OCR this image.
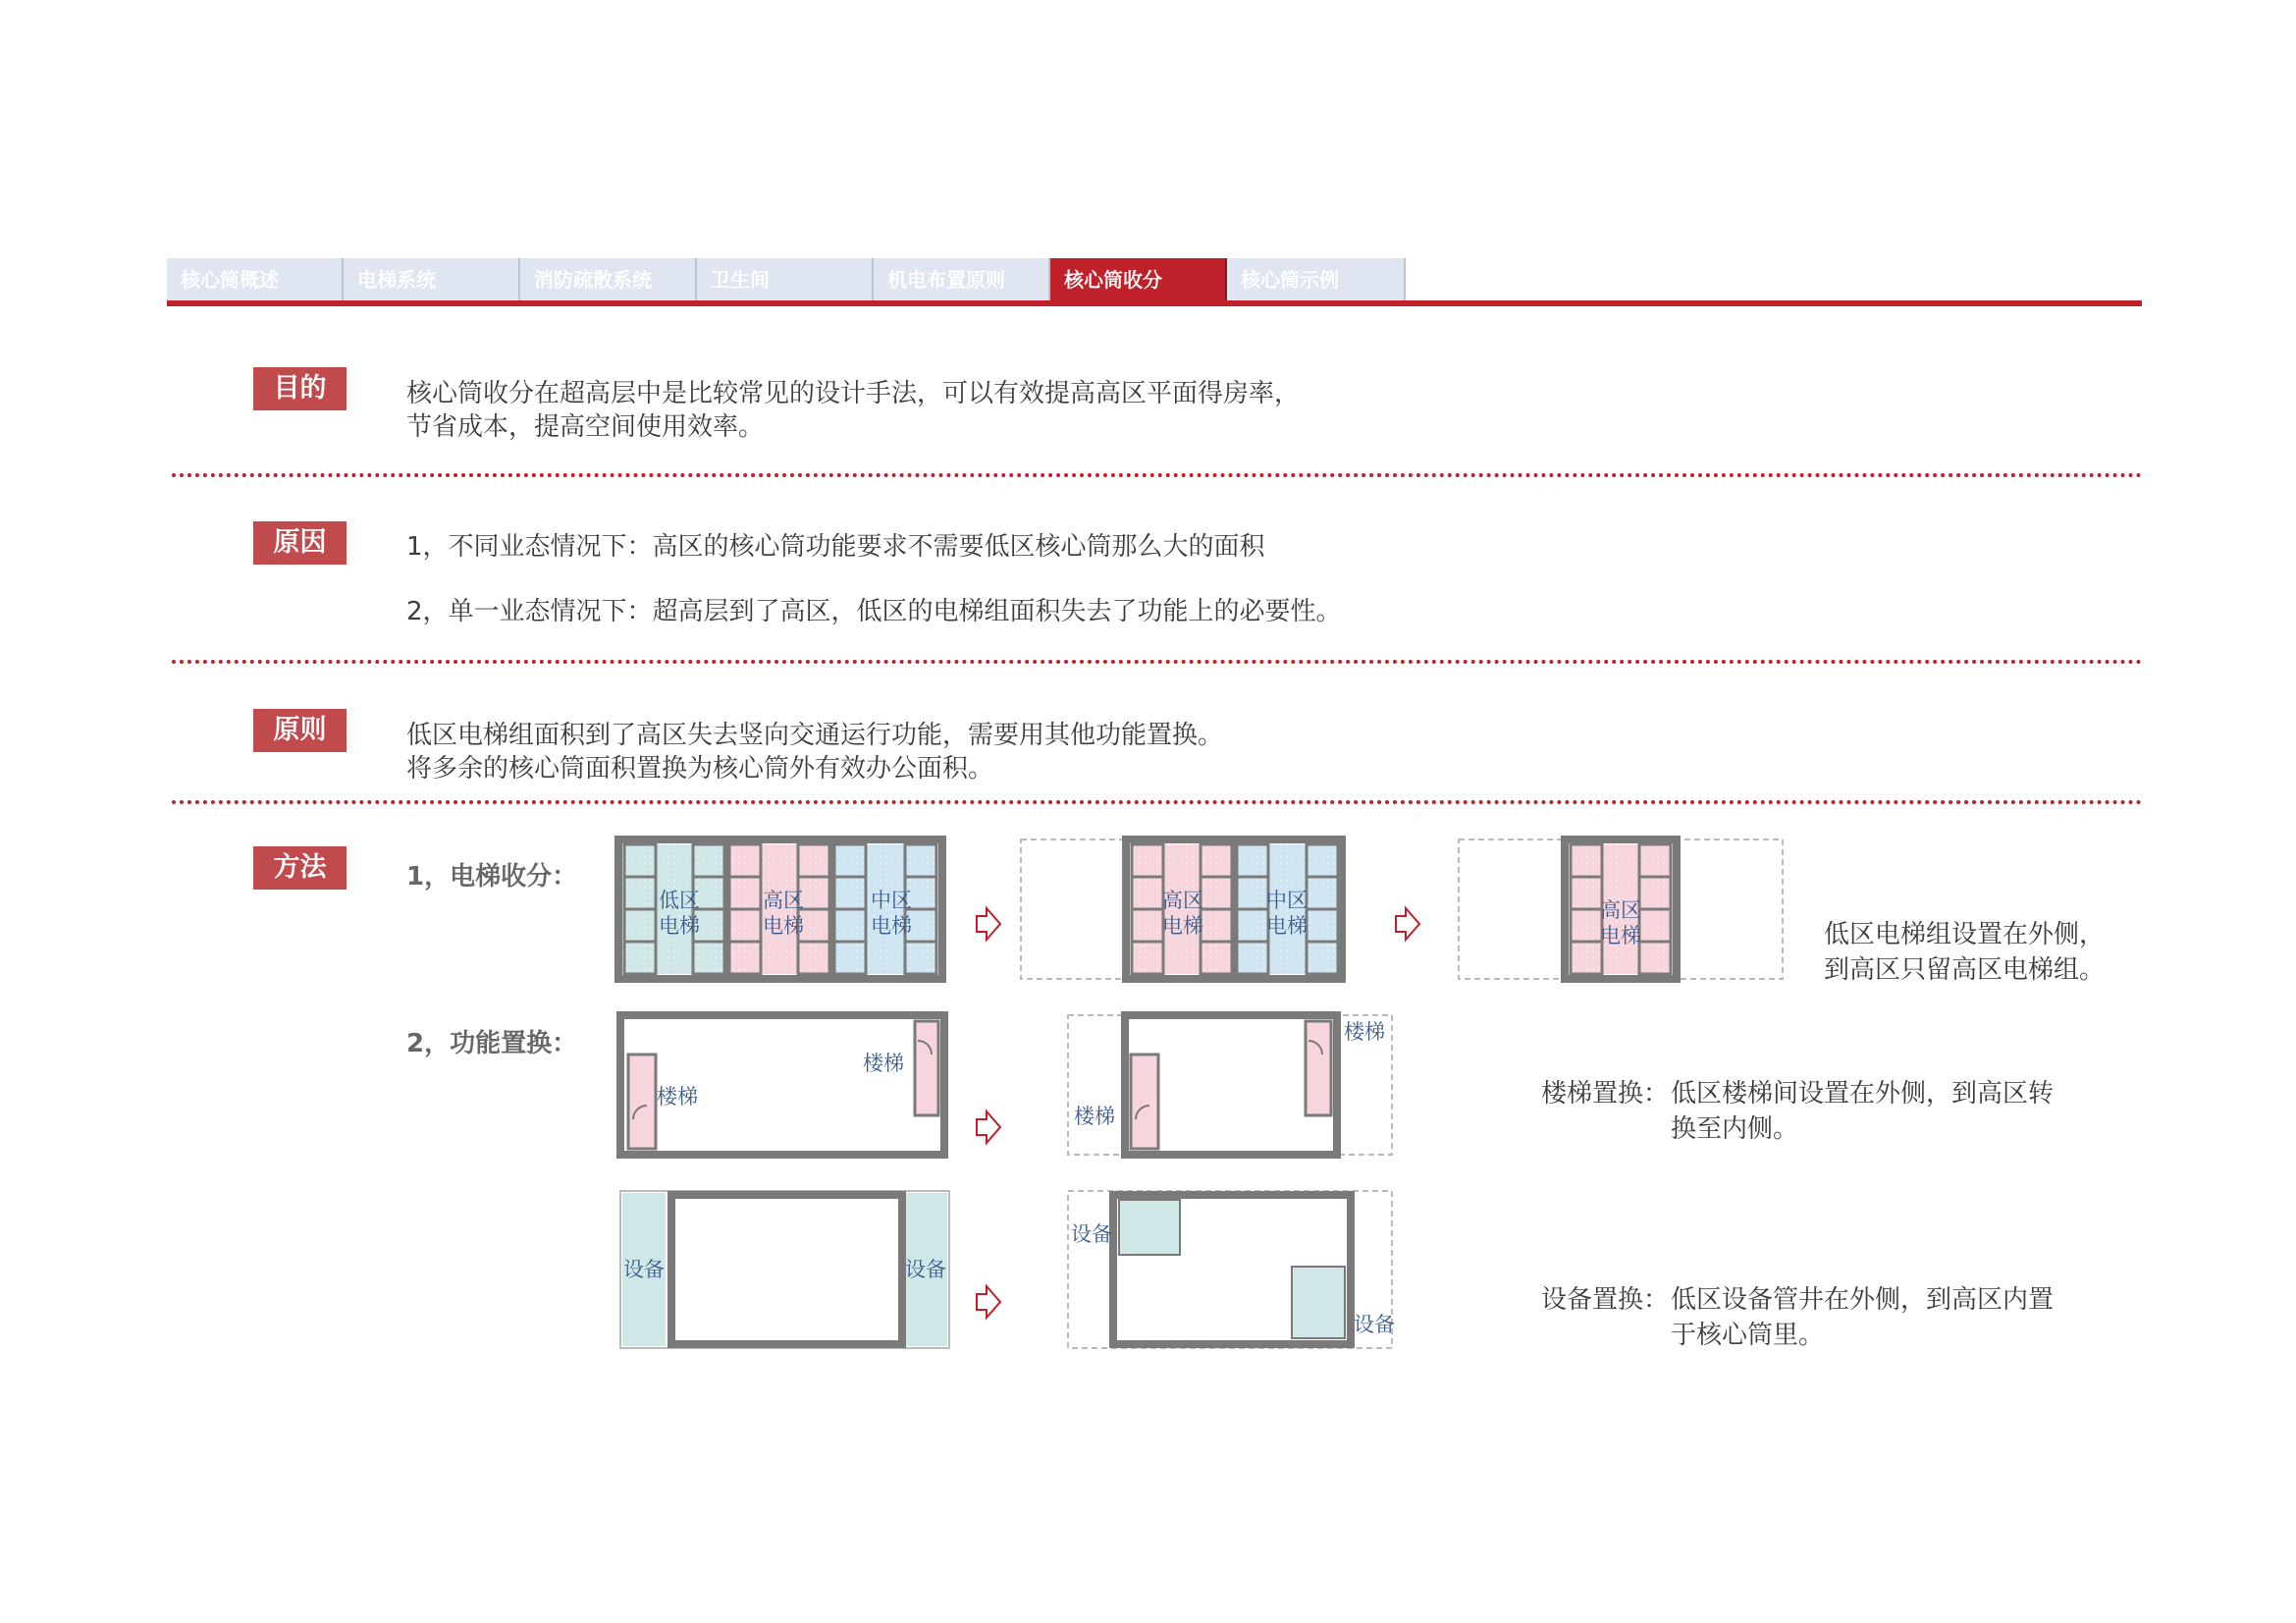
核心筒概述	电梯系统	消防疏散系统	卫生间	机电布置原则	核心筒收分	核心筒示例
目的	核心筒收分在超高层中是比较常见的设计手法，可以有效提高高区平面得房率，
节省成本，提高空间使用效率。
原因	1，不同业态情况下：高区的核心筒功能要求不需要低区核心筒那么大的面积
2，单一业态情况下：超高层到了高区，低区的电梯组面积失去了功能上的必要性。
原则	低区电梯组面积到了高区失去竖向交通运行功能，需要用其他功能置换。
将多余的核心筒面积置换为核心筒外有效办公面积。
方法	1，电梯收分：
2，功能置换：
低区
电梯
高区
电梯
中区
电梯
高区
电梯
中区
电梯
高区
电梯
楼梯
楼梯
楼梯
楼梯
设备	设备
设备
设备
低区电梯组设置在外侧，
到高区只留高区电梯组。
楼梯置换： 低区楼梯间设置在外侧，到高区转
换至内侧。
设备置换： 低区设备管井在外侧，到高区内置
于核心筒里。
